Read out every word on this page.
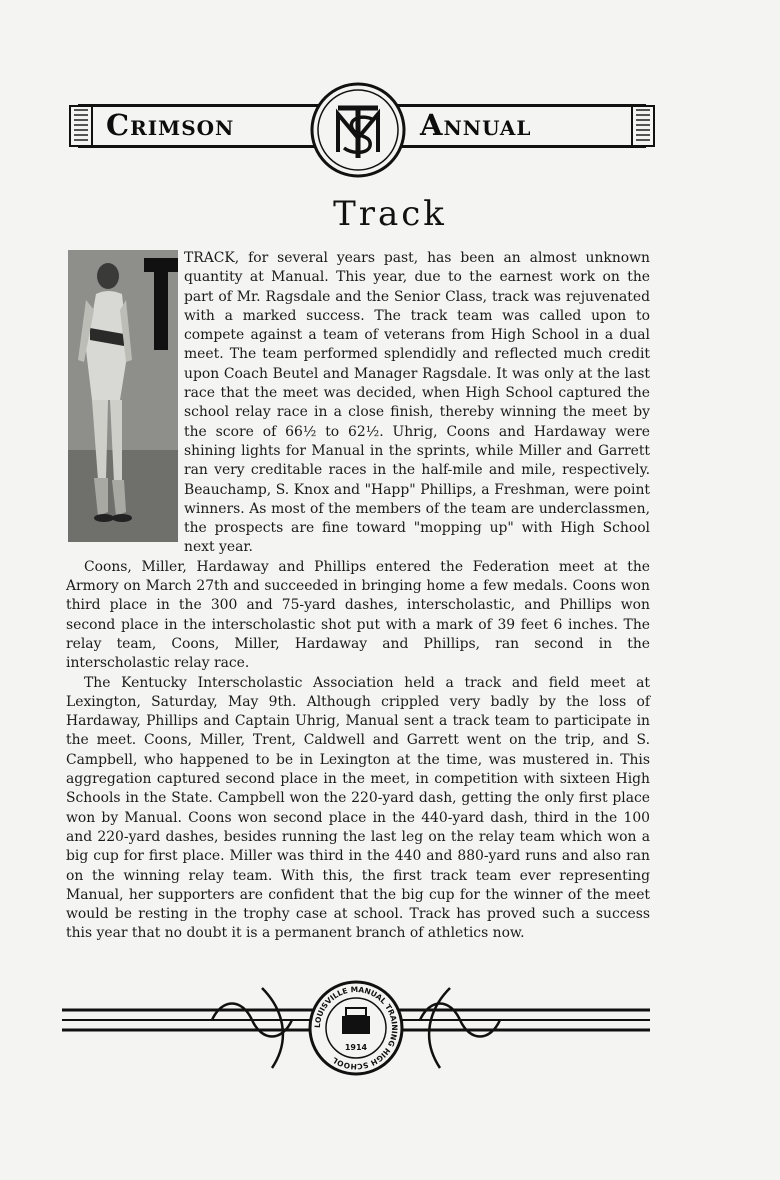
Crimson	Annual
Track

TRACK, for several years past, has been an almost unknown quantity at Manual. This year, due to the earnest work on the part of Mr. Ragsdale and the Senior Class, track was rejuvenated with a marked success. The track team was called upon to compete against a team of veterans from High School in a dual meet. The team performed splendidly and reflected much credit upon Coach Beutel and Manager Ragsdale. It was only at the last race that the meet was decided, when High School captured the school relay race in a close finish, thereby winning the meet by the score of 66½ to 62½. Uhrig, Coons and Hardaway were shining lights for Manual in the sprints, while Miller and Garrett ran very creditable races in the half-mile and mile, respectively. Beauchamp, S. Knox and "Happ" Phillips, a Freshman, were point winners. As most of the members of the team are underclassmen, the prospects are fine toward "mopping up" with High School next year.

Coons, Miller, Hardaway and Phillips entered the Federation meet at the Armory on March 27th and succeeded in bringing home a few medals. Coons won third place in the 300 and 75-yard dashes, interscholastic, and Phillips won second place in the interscholastic shot put with a mark of 39 feet 6 inches. The relay team, Coons, Miller, Hardaway and Phillips, ran second in the interscholastic relay race.

The Kentucky Interscholastic Association held a track and field meet at Lexington, Saturday, May 9th. Although crippled very badly by the loss of Hardaway, Phillips and Captain Uhrig, Manual sent a track team to participate in the meet. Coons, Miller, Trent, Caldwell and Garrett went on the trip, and S. Campbell, who happened to be in Lexington at the time, was mustered in. This aggregation captured second place in the meet, in competition with sixteen High Schools in the State. Campbell won the 220-yard dash, getting the only first place won by Manual. Coons won second place in the 440-yard dash, third in the 100 and 220-yard dashes, besides running the last leg on the relay team which won a big cup for first place. Miller was third in the 440 and 880-yard runs and also ran on the winning relay team. With this, the first track team ever representing Manual, her supporters are confident that the big cup for the winner of the meet would be resting in the trophy case at school. Track has proved such a success this year that no doubt it is a permanent branch of athletics now.

LOUISVILLE MANUAL TRAINING HIGH SCHOOL
1914
